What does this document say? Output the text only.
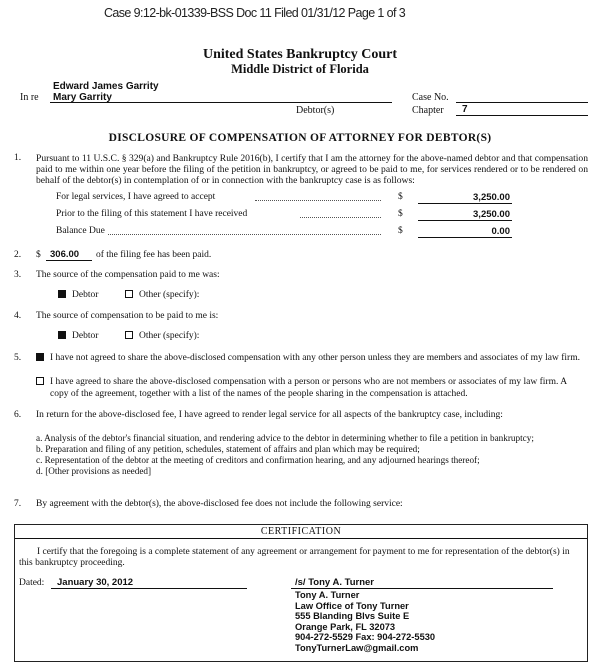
Case 9:12-bk-01339-BSS Doc 11 Filed 01/31/12 Page 1 of 3
United States Bankruptcy Court
Middle District of Florida
Edward James Garrity
In re Mary Garrity
Debtor(s)
Case No.
Chapter 7
DISCLOSURE OF COMPENSATION OF ATTORNEY FOR DEBTOR(S)
1. Pursuant to 11 U.S.C. § 329(a) and Bankruptcy Rule 2016(b), I certify that I am the attorney for the above-named debtor and that compensation paid to me within one year before the filing of the petition in bankruptcy, or agreed to be paid to me, for services rendered or to be rendered on behalf of the debtor(s) in contemplation of or in connection with the bankruptcy case is as follows:
For legal services, I have agreed to accept	$	3,250.00
Prior to the filing of this statement I have received	$	3,250.00
Balance Due	$	0.00
2. $ 306.00 of the filing fee has been paid.
3. The source of the compensation paid to me was:
Debtor	Other (specify):
4. The source of compensation to be paid to me is:
Debtor	Other (specify):
5.	I have not agreed to share the above-disclosed compensation with any other person unless they are members and associates of my law firm.
I have agreed to share the above-disclosed compensation with a person or persons who are not members or associates of my law firm. A
copy of the agreement, together with a list of the names of the people sharing in the compensation is attached.
6. In return for the above-disclosed fee, I have agreed to render legal service for all aspects of the bankruptcy case, including:
a. Analysis of the debtor's financial situation, and rendering advice to the debtor in determining whether to file a petition in bankruptcy;
b. Preparation and filing of any petition, schedules, statement of affairs and plan which may be required;
c. Representation of the debtor at the meeting of creditors and confirmation hearing, and any adjourned hearings thereof;
d. [Other provisions as needed]
7. By agreement with the debtor(s), the above-disclosed fee does not include the following service:
CERTIFICATION
I certify that the foregoing is a complete statement of any agreement or arrangement for payment to me for representation of the debtor(s) in
this bankruptcy proceeding.
Dated: January 30, 2012	/s/ Tony A. Turner
Tony A. Turner
Law Office of Tony Turner
555 Blanding Blvs Suite E
Orange Park, FL 32073
904-272-5529 Fax: 904-272-5530
TonyTurnerLaw@gmail.com
